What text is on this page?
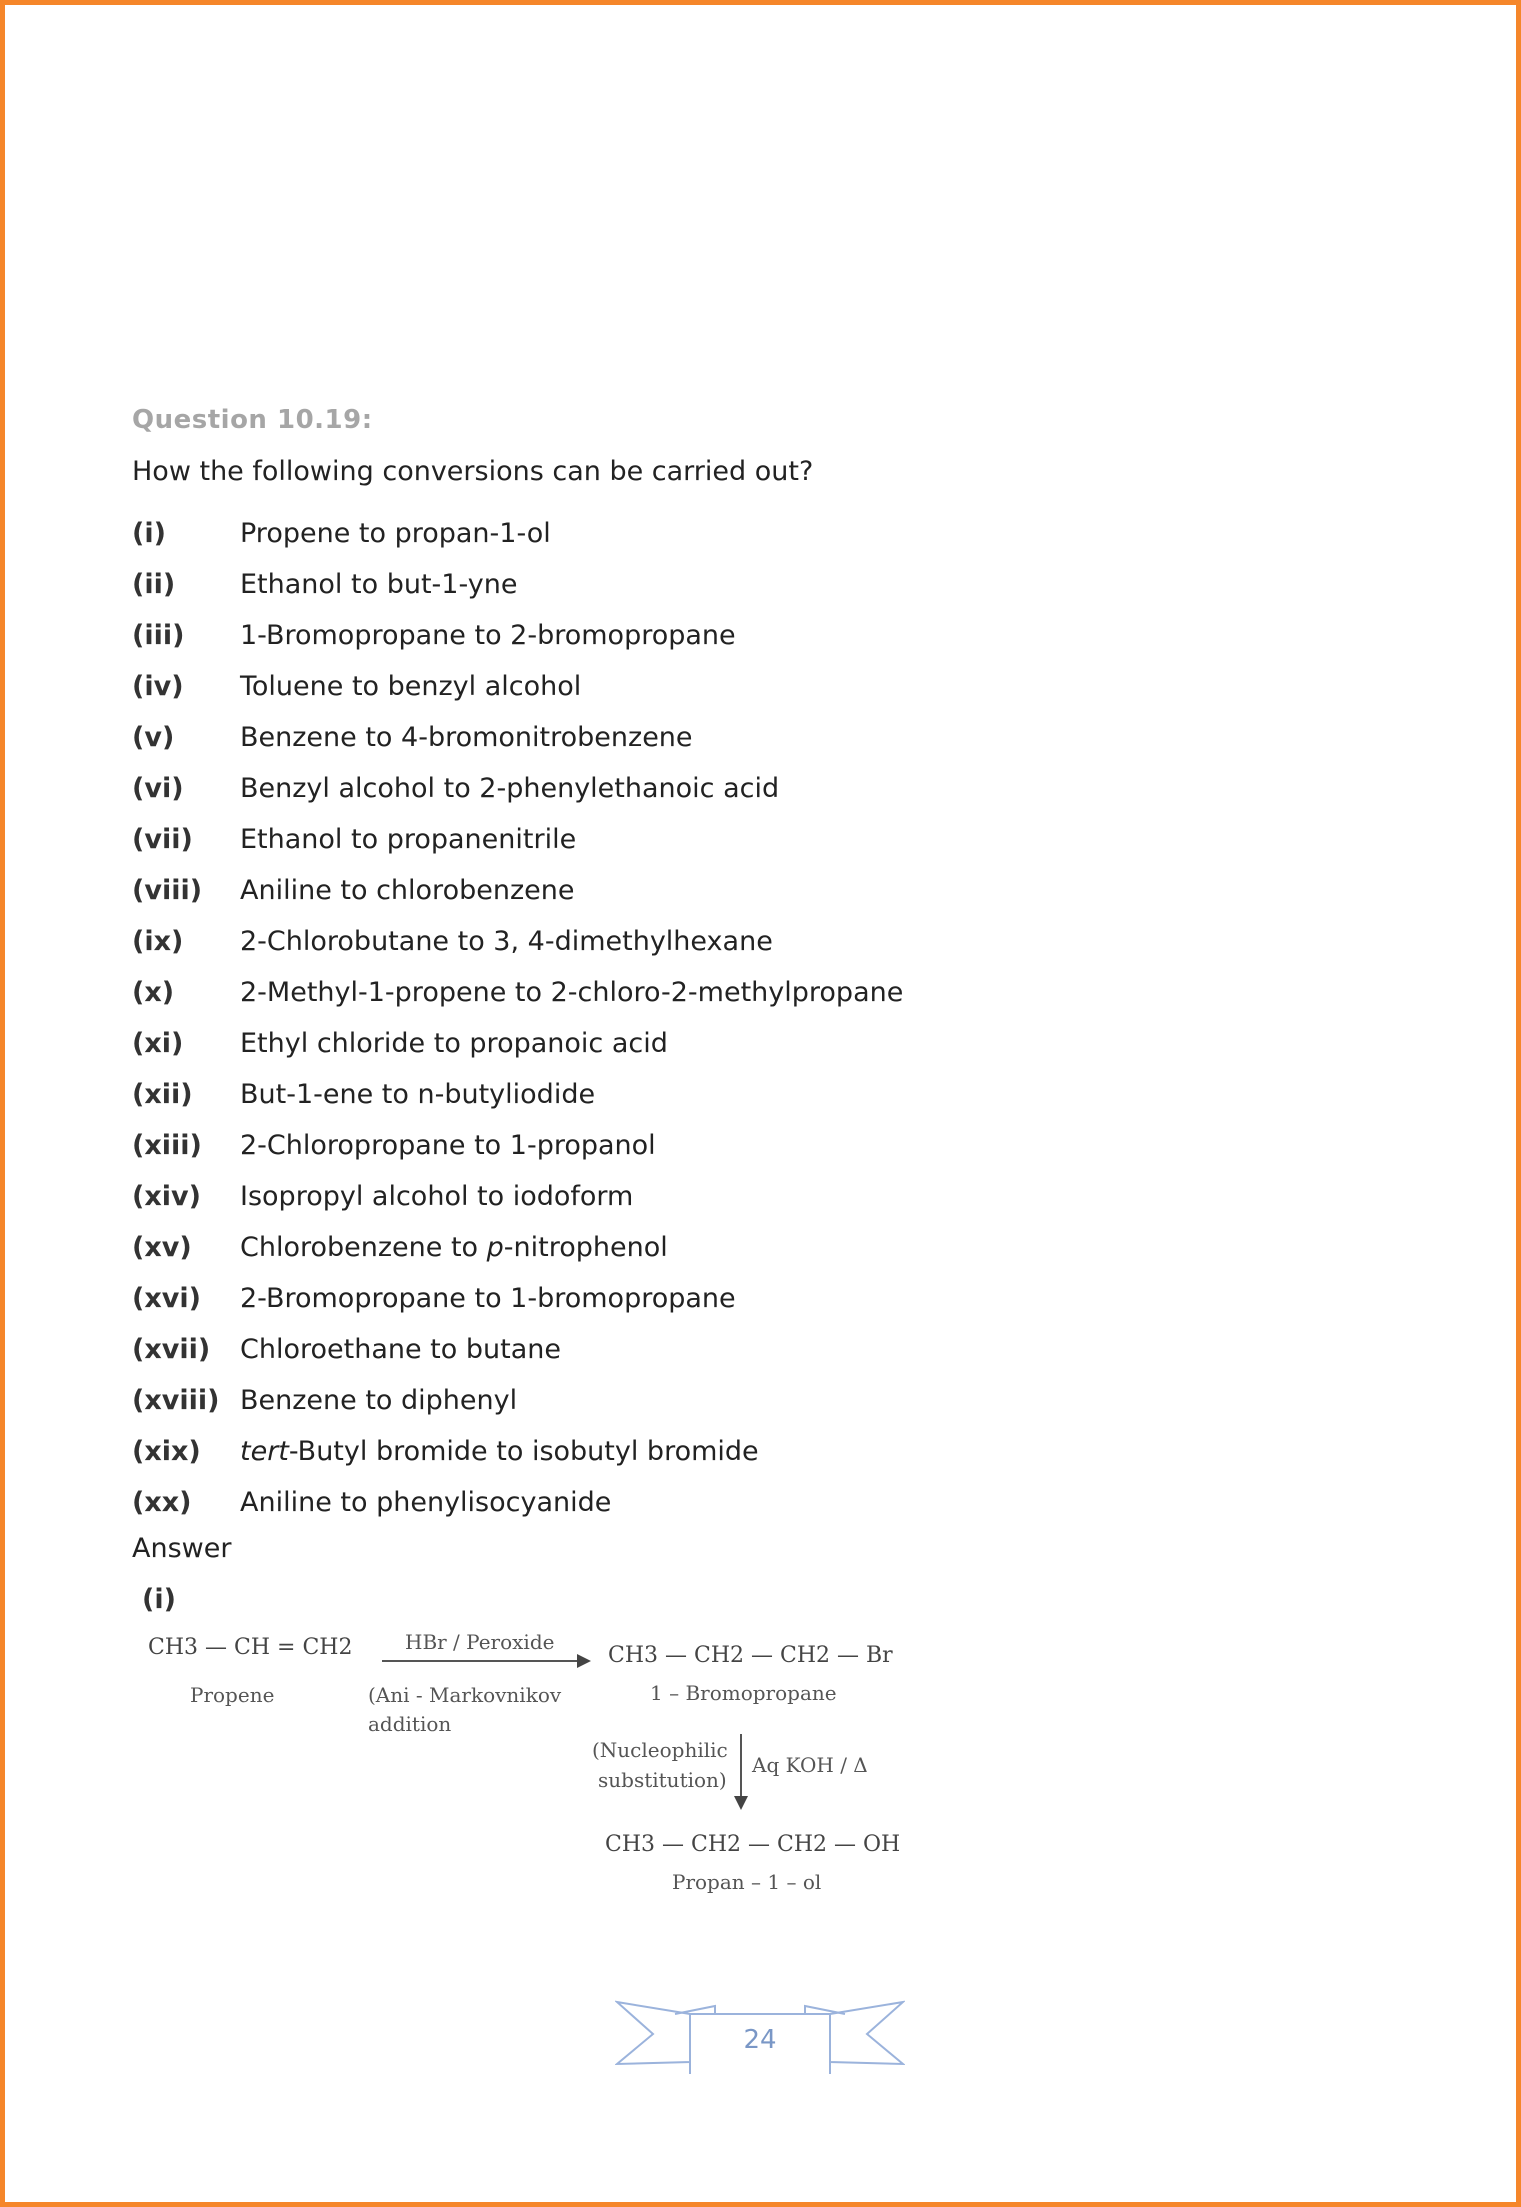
Question 10.19:
How the following conversions can be carried out?
(i)	Propene to propan-1-ol
(ii)	Ethanol to but-1-yne
(iii)	1-Bromopropane to 2-bromopropane
(iv)	Toluene to benzyl alcohol
(v)	Benzene to 4-bromonitrobenzene
(vi)	Benzyl alcohol to 2-phenylethanoic acid
(vii)	Ethanol to propanenitrile
(viii)	Aniline to chlorobenzene
(ix)	2-Chlorobutane to 3, 4-dimethylhexane
(x)	2-Methyl-1-propene to 2-chloro-2-methylpropane
(xi)	Ethyl chloride to propanoic acid
(xii)	But-1-ene to n-butyliodide
(xiii)	2-Chloropropane to 1-propanol
(xiv)	Isopropyl alcohol to iodoform
(xv)	Chlorobenzene to p-nitrophenol
(xvi)	2-Bromopropane to 1-bromopropane
(xvii)	Chloroethane to butane
(xviii) Benzene to diphenyl
(xix)	tert-Butyl bromide to isobutyl bromide
(xx)	Aniline to phenylisocyanide
Answer
(i)
CH3 — CH = CH2
Propene
HBr / Peroxide
(Ani - Markovnikov
addition
CH3 — CH2 — CH2 — Br
1 – Bromopropane
(Nucleophilic
substitution)
Aq KOH / Δ
CH3 — CH2 — CH2 — OH
Propan – 1 – ol
24
